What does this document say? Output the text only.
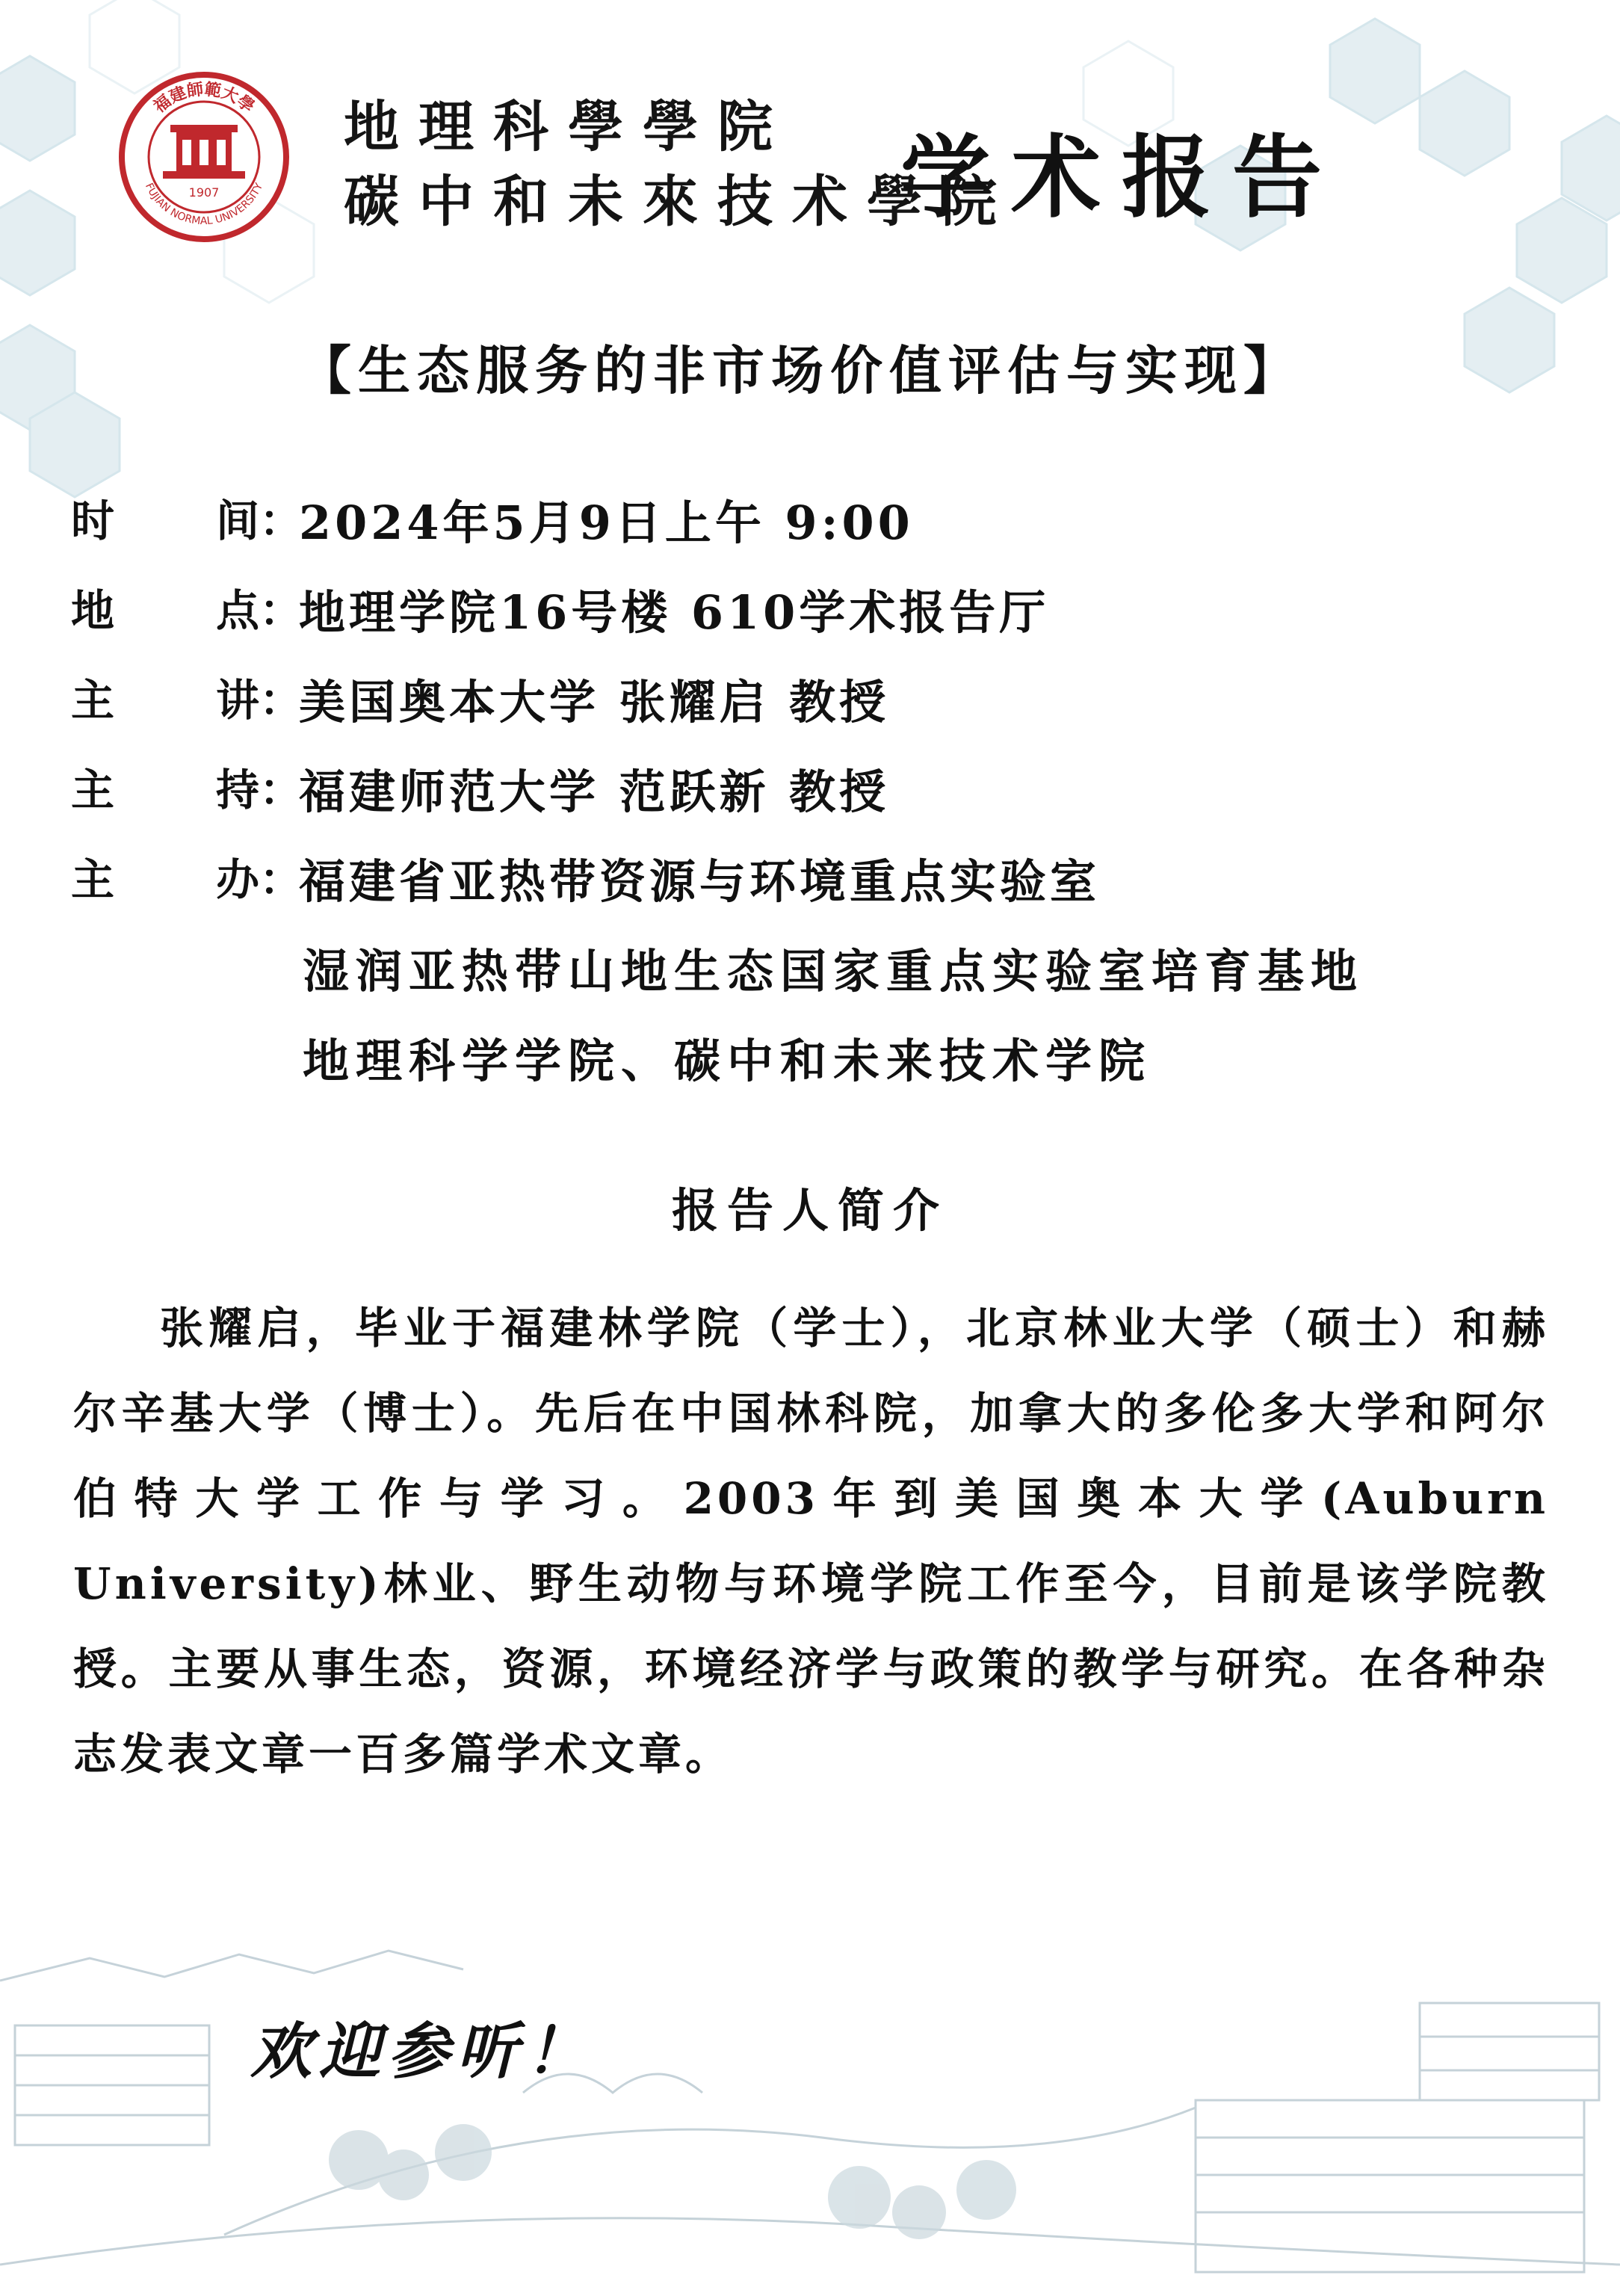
福建師範大學
FUJIAN NORMAL UNIVERSITY
1907
地理科學學院
碳中和未來技术學院
学术报告
【生态服务的非市场价值评估与实现】
时 间：
2024年5月9日上午 9:00
地 点：
地理学院16号楼 610学术报告厅
主 讲：
美国奥本大学 张耀启 教授
主 持：
福建师范大学 范跃新 教授
主 办：
福建省亚热带资源与环境重点实验室
湿润亚热带山地生态国家重点实验室培育基地
地理科学学院、碳中和未来技术学院
报告人简介
张耀启，毕业于福建林学院（学士），北京林业大学（硕士）和赫尔辛基大学（博士）。先后在中国林科院，加拿大的多伦多大学和阿尔伯特大学工作与学习。2003年到美国奥本大学(Auburn University)林业、野生动物与环境学院工作至今，目前是该学院教授。主要从事生态，资源，环境经济学与政策的教学与研究。在各种杂志发表文章一百多篇学术文章。
欢迎参听！
